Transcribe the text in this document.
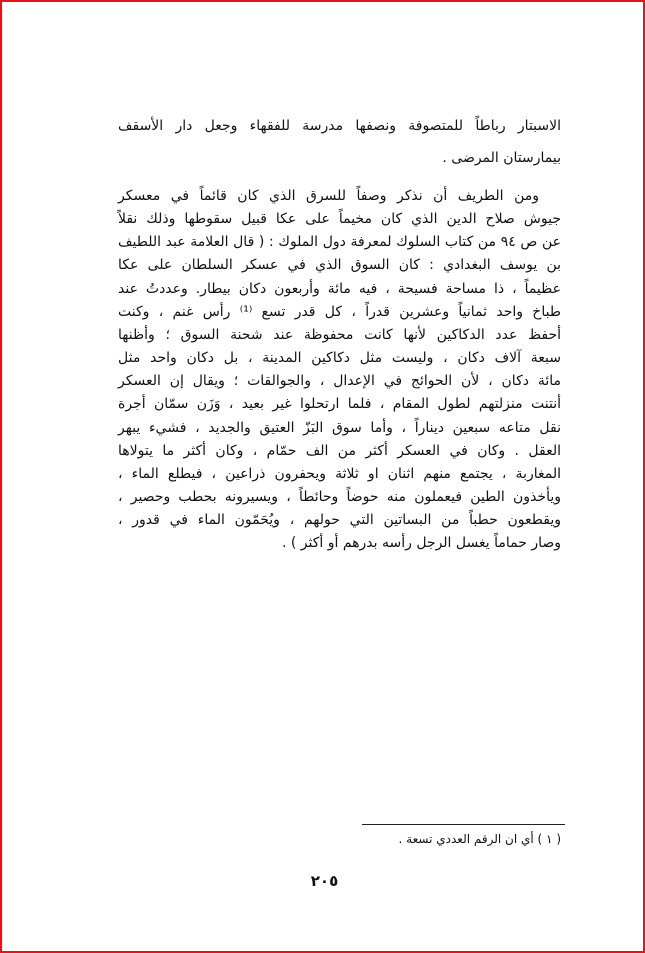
الاسبتار رباطاً للمتصوفة ونصفها مدرسة للفقهاء وجعل دار الأسقف
بيمارستان المرضى .
ومن الطريف أن نذكر وصفاً للسرق الذي كان قائماً في معسكر
جيوش صلاح الدين الذي كان مخيماً على عكا قبيل سقوطها وذلك نقلاً
عن ص ٩٤ من كتاب السلوك لمعرفة دول الملوك : ( قال العلامة عبد اللطيف
بن يوسف البغدادي : كان السوق الذي في عسكر السلطان على عكا
عظيماً ، ذا مساحة فسيحة ، فيه مائة وأربعون دكان بيطار. وعددتُ عند
طباخ واحد ثمانياً وعشرين قدراً ، كل قدر تسع ⁽¹⁾ رأس غنم ، وكنت
أحفظ عدد الدكاكين لأنها كانت محفوظة عند شحنة السوق ؛ وأظنها
سبعة آلاف دكان ، وليست مثل دكاكين المدينة ، بل دكان واحد مثل
مائة دكان ، لأن الحوائج في الإعدال ، والجوالقات ؛ ويقال إن العسكر
أنتنت منزلتهم لطول المقام ، فلما ارتحلوا غير بعيد ، وَزَن سمّان أجرة
نقل متاعه سبعين ديناراً ، وأما سوق البَزّ العتيق والجديد ، فشيء يبهر
العقل . وكان في العسكر أكثر من الف حمّام ، وكان أكثر ما يتولاها
المغاربة ، يجتمع منهم اثنان او ثلاثة ويحفرون ذراعين ، فيطلع الماء ،
ويأخذون الطين فيعملون منه حوضاً وحائطاً ، ويسيرونه بحطب وحصير ،
ويقطعون حطباً من البساتين التي حولهم ، ويُحَمّون الماء في قدور ،
وصار حماماً يغسل الرجل رأسه بدرهم أو أكثر ) .
( ١ ) أي ان الرقم العددي تسعة .
٢٠٥
